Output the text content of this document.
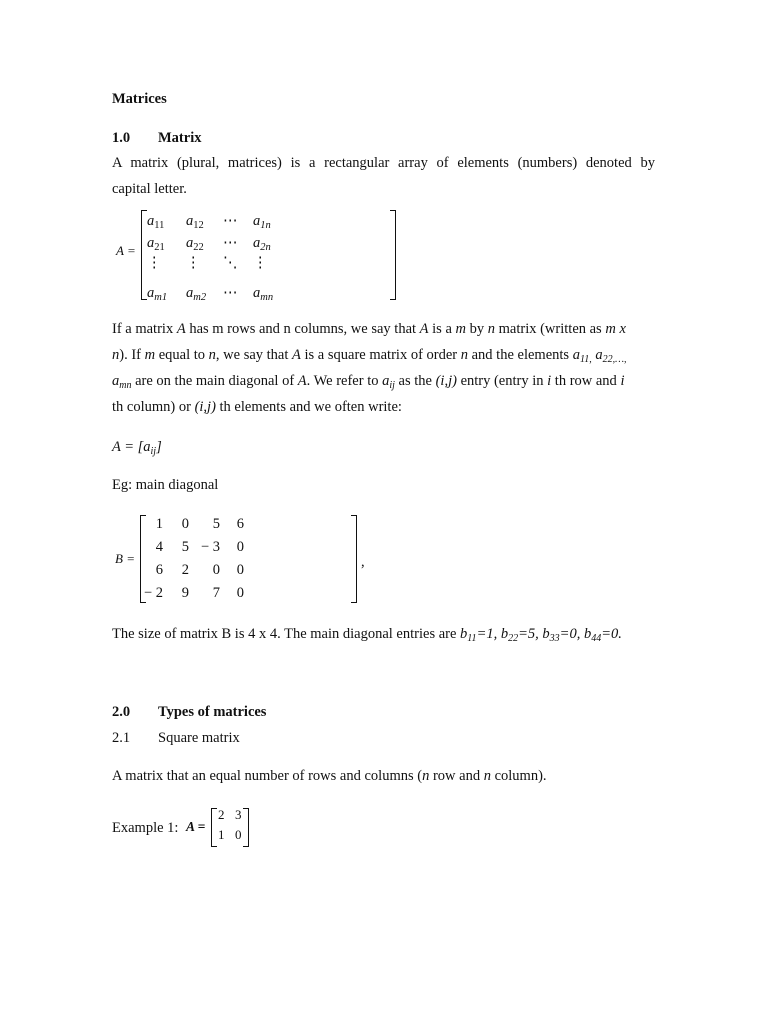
Matrices
1.0 Matrix
A matrix (plural, matrices) is a rectangular array of elements (numbers) denoted by
capital letter.
A =
$a_{11}$ $a_{12}$ ⋯ $a_{1n}$
$a_{21}$ $a_{22}$ ⋯ $a_{2n}$
⋮ ⋮ ⋱ ⋮
$a_{m1}$ $a_{m2}$ ⋯ $a_{mn}$
If a matrix A has m rows and n columns, we say that A is a m by n matrix (written as m x
n). If m equal to n, we say that A is a square matrix of order n and the elements $a_{11,}$ $a_{22,\dots,}$
$a_{mn}$ are on the main diagonal of A. We refer to $a_{ij}$ as the (i,j) entry (entry in i th row and i
th column) or (i,j) th elements and we often write:
$A = [a_{ij}]$
Eg: main diagonal
B =	,
1 0 5 6
4 5 − 3 0
6 2 0 0
− 2 9 7 0
The size of matrix B is 4 x 4. The main diagonal entries are $b_{11}=1$, $b_{22}=5$, $b_{33}=0$, $b_{44}=0$.
2.0 Types of matrices
2.1 Square matrix
A matrix that an equal number of rows and columns (n row and n column).
Example 1: A =
2 3
1 0
